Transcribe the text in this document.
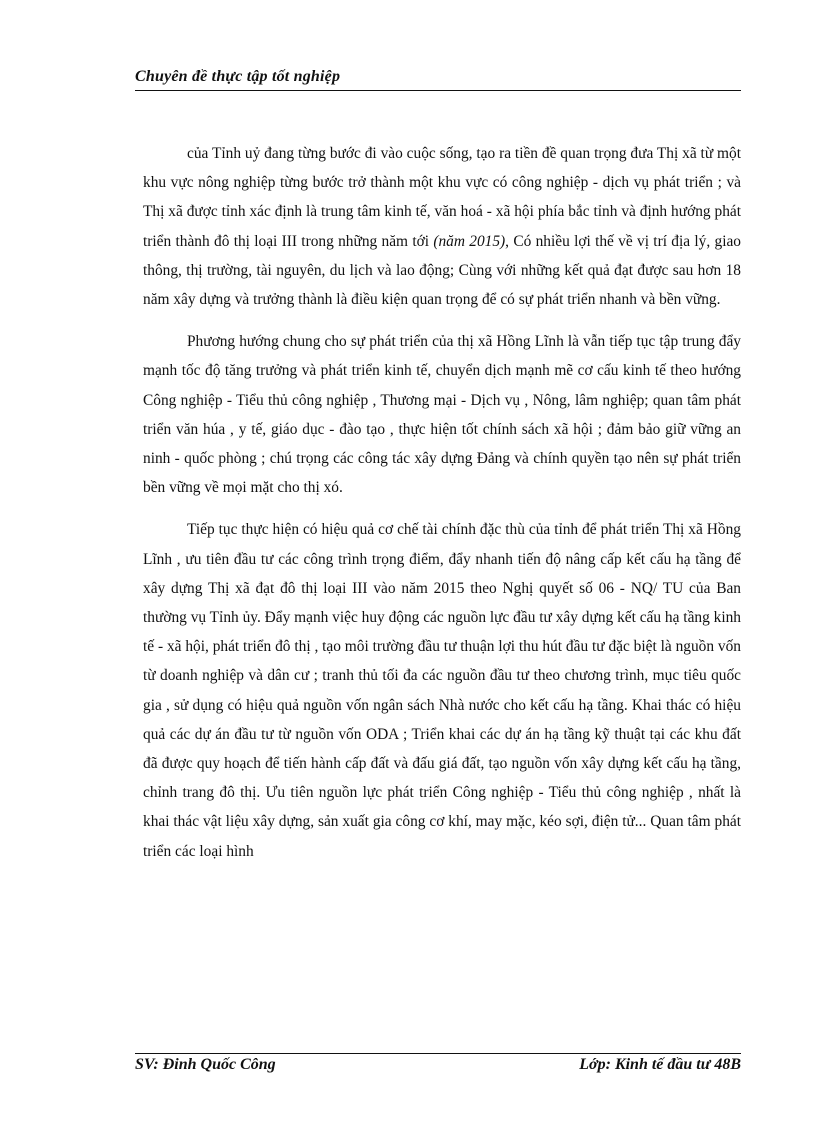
Chuyên đề thực tập tốt nghiệp

của Tỉnh uỷ đang từng bước đi vào cuộc sống, tạo ra tiền đề quan trọng đưa Thị xã từ một khu vực nông nghiệp từng bước trở thành một khu vực có công nghiệp - dịch vụ phát triển ; và Thị xã được tỉnh xác định là trung tâm kinh tế, văn hoá - xã hội phía bắc tỉnh và định hướng phát triển thành đô thị loại III trong những năm tới (năm 2015), Có nhiều lợi thế về vị trí địa lý, giao thông, thị trường, tài nguyên, du lịch và lao động; Cùng với những kết quả đạt được sau hơn 18 năm xây dựng và trưởng thành là điều kiện quan trọng để có sự phát triển nhanh và bền vững.

Phương hướng chung cho sự phát triển của thị xã Hồng Lĩnh là vẫn tiếp tục tập trung đẩy mạnh tốc độ tăng trưởng và phát triển kinh tế, chuyển dịch mạnh mẽ cơ cấu kinh tế theo hướng Công nghiệp - Tiểu thủ công nghiệp , Thương mại - Dịch vụ , Nông, lâm nghiệp; quan tâm phát triển văn húa , y tế, giáo dục - đào tạo , thực hiện tốt chính sách xã hội ; đảm bảo giữ vững an ninh - quốc phòng ; chú trọng các công tác xây dựng Đảng và chính quyền tạo nên sự phát triển bền vững về mọi mặt cho thị xó.

Tiếp tục thực hiện có hiệu quả cơ chế tài chính đặc thù của tỉnh để phát triển Thị xã Hồng Lĩnh , ưu tiên đầu tư các công trình trọng điểm, đẩy nhanh tiến độ nâng cấp kết cấu hạ tầng để xây dựng Thị xã đạt đô thị loại III vào năm 2015 theo Nghị quyết số 06 - NQ/ TU của Ban thường vụ Tỉnh ủy. Đẩy mạnh việc huy động các nguồn lực đầu tư xây dựng kết cấu hạ tầng kinh tế - xã hội, phát triển đô thị , tạo môi trường đầu tư thuận lợi thu hút đầu tư đặc biệt là nguồn vốn từ doanh nghiệp và dân cư ; tranh thủ tối đa các nguồn đầu tư theo chương trình, mục tiêu quốc gia , sử dụng có hiệu quả nguồn vốn ngân sách Nhà nước cho kết cấu hạ tầng. Khai thác có hiệu quả các dự án đầu tư từ nguồn vốn ODA ; Triển khai các dự án hạ tầng kỹ thuật tại các khu đất đã được quy hoạch để tiến hành cấp đất và đấu giá đất, tạo nguồn vốn xây dựng kết cấu hạ tầng, chỉnh trang đô thị. Ưu tiên nguồn lực phát triển Công nghiệp - Tiểu thủ công nghiệp , nhất là khai thác vật liệu xây dựng, sản xuất gia công cơ khí, may mặc, kéo sợi, điện tử... Quan tâm phát triển các loại hình

SV: Đinh Quốc Công	Lớp: Kinh tế đầu tư 48B
